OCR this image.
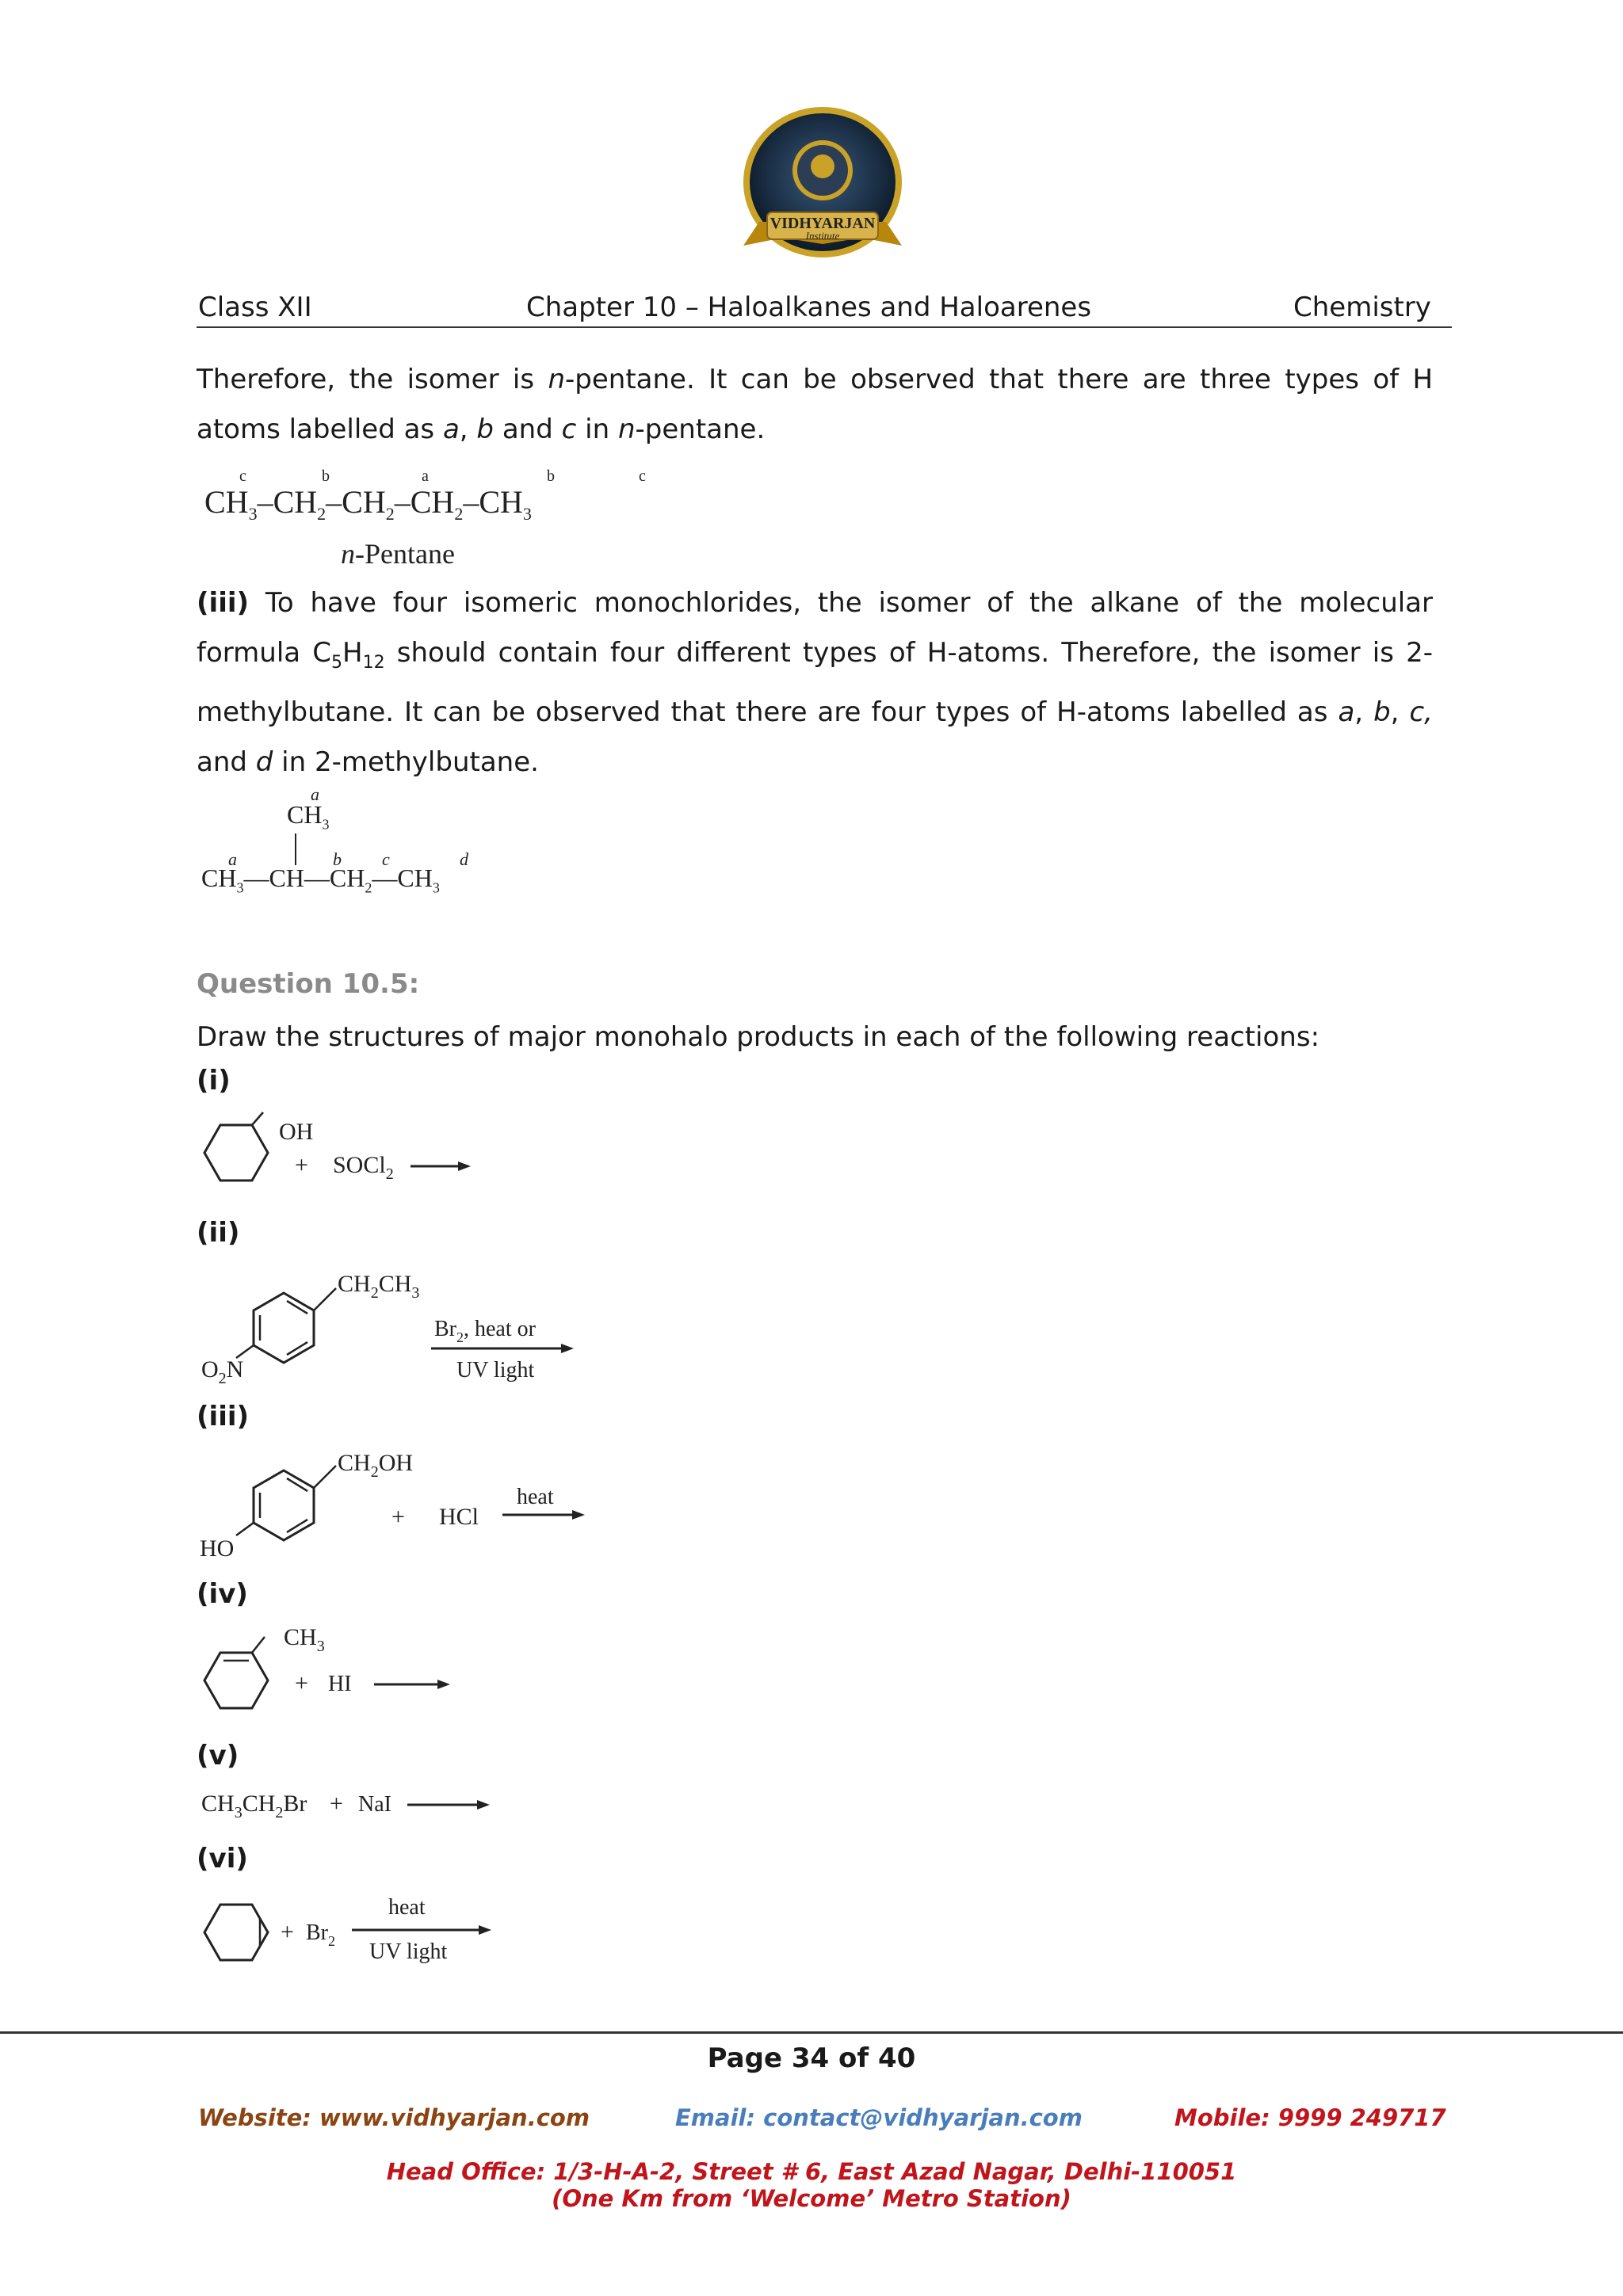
VIDHYARJAN
Institute
Class XII	Chapter 10 – Haloalkanes and Haloarenes	Chemistry
Therefore, the isomer is n-pentane. It can be observed that there are three types of H atoms labelled as a, b and c in n-pentane.
c	b	a	b	c
$CH_3-CH_2-CH_2-CH_2-CH_3$
n-Pentane
(iii) To have four isomeric monochlorides, the isomer of the alkane of the molecular formula $C_5H_{12}$ should contain four different types of H-atoms. Therefore, the isomer is 2-methylbutane. It can be observed that there are four types of H-atoms labelled as a, b, c, and d in 2-methylbutane.
a
$CH_3$
a	b c	d
$CH_3—CH—CH_2—CH_3$
Question 10.5:
Draw the structures of major monohalo products in each of the following reactions:
(i)
OH
+ SOCl$_2$
(ii)
$CH_2CH_3$
$O_2N$
$Br_2$, heat or
UV light
(iii)
$CH_2OH$
HO
+ HCl
heat
(iv)
$CH_3$
+ HI
(v)
$CH_3CH_2Br$ + NaI
(vi)
+ $Br_2$
heat
UV light
Page 34 of 40
Website: www.vidhyarjan.com	Email: contact@vidhyarjan.com	Mobile: 9999 249717
Head Office: 1/3-H-A-2, Street # 6, East Azad Nagar, Delhi-110051
(One Km from ‘Welcome’ Metro Station)
